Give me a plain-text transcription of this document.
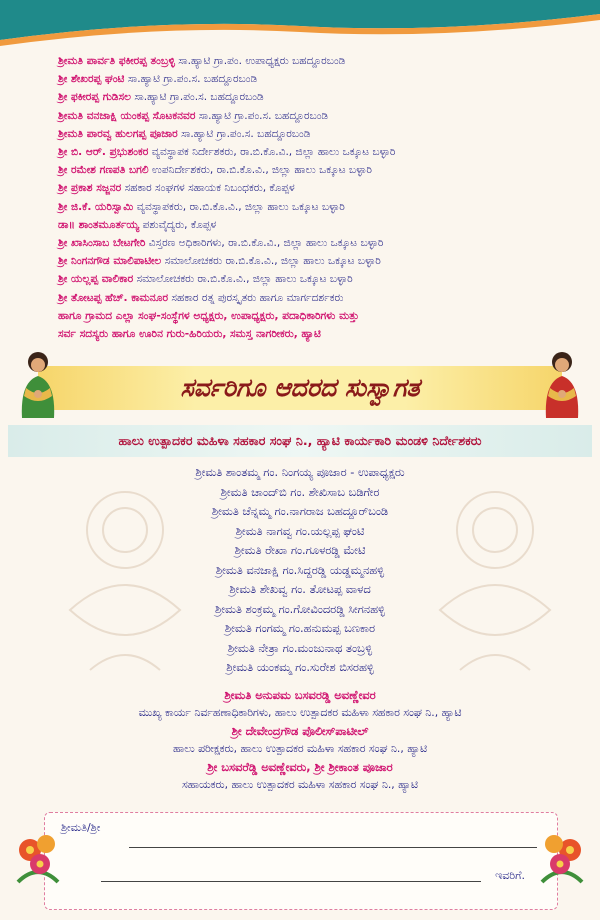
ಶ್ರೀಮತಿ ಪಾರ್ವತಿ ಫಕೀರಪ್ಪ ತಂಬ್ರಳ್ಳಿ ಸಾ.ಹ್ಯಾಟಿ ಗ್ರಾ.ಪಂ. ಉಪಾಧ್ಯಕ್ಷರು ಬಹದ್ದೂರಬಂಡಿ
ಶ್ರೀ ಶೇಖರಪ್ಪ ಘಂಟಿ ಸಾ.ಹ್ಯಾಟಿ ಗ್ರಾ.ಪಂ.ಸ. ಬಹದ್ದೂರಬಂಡಿ
ಶ್ರೀ ಫಕೀರಪ್ಪ ಗುಡಿಸಲ ಸಾ.ಹ್ಯಾಟಿ ಗ್ರಾ.ಪಂ.ಸ. ಬಹದ್ದೂರಬಂಡಿ
ಶ್ರೀಮತಿ ವನಜಾಕ್ಷಿ ಯಂಕಪ್ಪ ಸೊಟಕನವರ ಸಾ.ಹ್ಯಾಟಿ ಗ್ರಾ.ಪಂ.ಸ. ಬಹದ್ದೂರಬಂಡಿ
ಶ್ರೀಮತಿ ಪಾರವ್ವ ಹುಲಗಪ್ಪ ಪೂಜಾರ ಸಾ.ಹ್ಯಾಟಿ ಗ್ರಾ.ಪಂ.ಸ. ಬಹದ್ದೂರಬಂಡಿ
ಶ್ರೀ ಬಿ. ಆರ್. ಪ್ರಭುಶಂಕರ ವ್ಯವಸ್ಥಾಪಕ ನಿರ್ದೇಶಕರು, ರಾ.ಬಿ.ಕೊ.ವಿ., ಜಿಲ್ಲಾ ಹಾಲು ಒಕ್ಕೂಟ ಬಳ್ಳಾರಿ
ಶ್ರೀ ರಮೇಶ ಗಣಪತಿ ಬಗಲಿ ಉಪನಿರ್ದೇಶಕರು, ರಾ.ಬಿ.ಕೊ.ವಿ., ಜಿಲ್ಲಾ ಹಾಲು ಒಕ್ಕೂಟ ಬಳ್ಳಾರಿ
ಶ್ರೀ ಪ್ರಕಾಶ ಸಜ್ಜನರ ಸಹಕಾರ ಸಂಘಗಳ ಸಹಾಯಕ ನಿಬಂಧಕರು, ಕೊಪ್ಪಳ
ಶ್ರೀ ಜಿ.ಕೆ. ಯರಿಸ್ವಾಮಿ ವ್ಯವಸ್ಥಾಪಕರು, ರಾ.ಬಿ.ಕೊ.ವಿ., ಜಿಲ್ಲಾ ಹಾಲು ಒಕ್ಕೂಟ ಬಳ್ಳಾರಿ
ಡಾ॥ ಶಾಂತಮೂರ್ತಯ್ಯ ಪಶುವೈದ್ಯರು, ಕೊಪ್ಪಳ
ಶ್ರೀ ಖಾಸಿಂಸಾಬ ಬೇಟಗೇರಿ ವಿಸ್ತರಣ ಅಧಿಕಾರಿಗಳು, ರಾ.ಬಿ.ಕೊ.ವಿ., ಜಿಲ್ಲಾ ಹಾಲು ಒಕ್ಕೂಟ ಬಳ್ಳಾರಿ
ಶ್ರೀ ನಿಂಗನಗೌಡ ಮಾಲಿಪಾಟೀಲ ಸಮಾಲೋಚಕರು ರಾ.ಬಿ.ಕೊ.ವಿ., ಜಿಲ್ಲಾ ಹಾಲು ಒಕ್ಕೂಟ ಬಳ್ಳಾರಿ
ಶ್ರೀ ಯಲ್ಲಪ್ಪ ವಾಲಿಕಾರ ಸಮಾಲೋಚಕರು ರಾ.ಬಿ.ಕೊ.ವಿ., ಜಿಲ್ಲಾ ಹಾಲು ಒಕ್ಕೂಟ ಬಳ್ಳಾರಿ
ಶ್ರೀ ತೋಟಪ್ಪ ಹೆಚ್. ಕಾಮನೂರ ಸಹಕಾರ ರತ್ನ ಪುರಸ್ಕೃತರು ಹಾಗೂ ಮಾರ್ಗದರ್ಶಕರು
ಹಾಗೂ ಗ್ರಾಮದ ಎಲ್ಲಾ ಸಂಘ-ಸಂಸ್ಥೆಗಳ ಅಧ್ಯಕ್ಷರು, ಉಪಾಧ್ಯಕ್ಷರು, ಪದಾಧಿಕಾರಿಗಳು ಮತ್ತು
ಸರ್ವ ಸದಸ್ಯರು ಹಾಗೂ ಊರಿನ ಗುರು-ಹಿರಿಯರು, ಸಮಸ್ತ ನಾಗರೀಕರು, ಹ್ಯಾಟಿ
ಸರ್ವರಿಗೂ ಆದರದ ಸುಸ್ವಾಗತ
ಹಾಲು ಉತ್ಪಾದಕರ ಮಹಿಳಾ ಸಹಕಾರ ಸಂಘ ನಿ., ಹ್ಯಾಟಿ ಕಾರ್ಯಕಾರಿ ಮಂಡಳಿ ನಿರ್ದೇಶಕರು
ಶ್ರೀಮತಿ ಶಾಂತಮ್ಮ ಗಂ. ನಿಂಗಯ್ಯ ಪೂಜಾರ - ಉಪಾಧ್ಯಕ್ಷರು
ಶ್ರೀಮತಿ ಚಾಂದ್‌ಬಿ ಗಂ. ಶೇಖಿಸಾಬ ಬಡಿಗೇರ
ಶ್ರೀಮತಿ ಚೆನ್ನಮ್ಮ ಗಂ.ನಾಗರಾಜ ಬಹದ್ದೂರ್‌ಬಂಡಿ
ಶ್ರೀಮತಿ ನಾಗವ್ವ ಗಂ.ಯಲ್ಲಪ್ಪ ಘಂಟಿ
ಶ್ರೀಮತಿ ರೇಖಾ ಗಂ.ಗೂಳರಡ್ಡಿ ಮೇಟಿ
ಶ್ರೀಮತಿ ವನಜಾಕ್ಷಿ ಗಂ.ಸಿದ್ದರಡ್ಡಿ ಯಡ್ಡಮ್ಮನಹಳ್ಳಿ
ಶ್ರೀಮತಿ ಶೇಖವ್ವ ಗಂ. ತೋಟಪ್ಪ ವಾಳದ
ಶ್ರೀಮತಿ ಶಂಕ್ರಮ್ಮ ಗಂ.ಗೋವಿಂದರಡ್ಡಿ ಸೀಗನಹಳ್ಳಿ
ಶ್ರೀಮತಿ ಗಂಗಮ್ಮ ಗಂ.ಹನುಮಪ್ಪ ಬಣಕಾರ
ಶ್ರೀಮತಿ ನೇತ್ರಾ ಗಂ.ಮಂಜುನಾಥ ತಂಬ್ರಳ್ಳಿ
ಶ್ರೀಮತಿ ಯಂಕಮ್ಮ ಗಂ.ಸುರೇಶ ಬಿಸರಹಳ್ಳಿ
ಶ್ರೀಮತಿ ಅನುಪಮ ಬಸವರಡ್ಡಿ ಅವಣ್ಣೇವರ
ಮುಖ್ಯ ಕಾರ್ಯ ನಿರ್ವಹಣಾಧಿಕಾರಿಗಳು, ಹಾಲು ಉತ್ಪಾದಕರ ಮಹಿಳಾ ಸಹಕಾರ ಸಂಘ ನಿ., ಹ್ಯಾಟಿ
ಶ್ರೀ ದೇವೇಂದ್ರಗೌಡ ಪೊಲೀಸ್‌ಪಾಟೀಲ್
ಹಾಲು ಪರೀಕ್ಷಕರು, ಹಾಲು ಉತ್ಪಾದಕರ ಮಹಿಳಾ ಸಹಕಾರ ಸಂಘ ನಿ., ಹ್ಯಾಟಿ
ಶ್ರೀ ಬಸವರೆಡ್ಡಿ ಅವಣ್ಣೇವರು, ಶ್ರೀ ಶ್ರೀಕಾಂತ ಪೂಜಾರ
ಸಹಾಯಕರು, ಹಾಲು ಉತ್ಪಾದಕರ ಮಹಿಳಾ ಸಹಕಾರ ಸಂಘ ನಿ., ಹ್ಯಾಟಿ
ಶ್ರೀಮತಿ/ಶ್ರೀ
ಇವರಿಗೆ.
